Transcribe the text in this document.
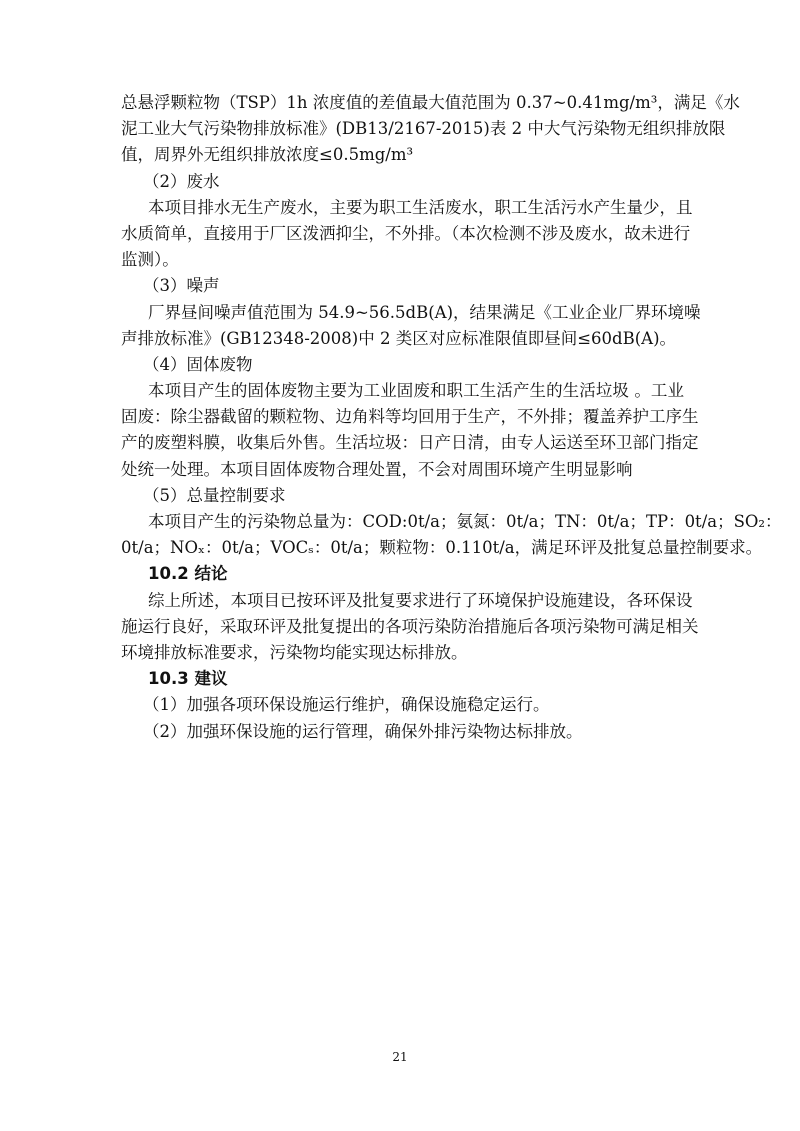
总悬浮颗粒物（TSP）1h 浓度值的差值最大值范围为 0.37~0.41mg/m³，满足《水
泥工业大气污染物排放标准》(DB13/2167-2015)表 2 中大气污染物无组织排放限
值，周界外无组织排放浓度≤0.5mg/m³
（2）废水
本项目排水无生产废水，主要为职工生活废水，职工生活污水产生量少，且
水质简单，直接用于厂区泼洒抑尘，不外排。（本次检测不涉及废水，故未进行
监测）。
（3）噪声
厂界昼间噪声值范围为 54.9~56.5dB(A)，结果满足《工业企业厂界环境噪
声排放标准》(GB12348-2008)中 2 类区对应标准限值即昼间≤60dB(A)。
（4）固体废物
本项目产生的固体废物主要为工业固废和职工生活产生的生活垃圾 。工业
固废：除尘器截留的颗粒物、边角料等均回用于生产，不外排；覆盖养护工序生
产的废塑料膜，收集后外售。生活垃圾：日产日清，由专人运送至环卫部门指定
处统一处理。本项目固体废物合理处置，不会对周围环境产生明显影响
（5）总量控制要求
本项目产生的污染物总量为：COD:0t/a；氨氮：0t/a；TN：0t/a；TP：0t/a；SO₂：
0t/a；NOₓ：0t/a；VOCₛ：0t/a；颗粒物：0.110t/a，满足环评及批复总量控制要求。
10.2 结论
综上所述，本项目已按环评及批复要求进行了环境保护设施建设，各环保设
施运行良好，采取环评及批复提出的各项污染防治措施后各项污染物可满足相关
环境排放标准要求，污染物均能实现达标排放。
10.3 建议
（1）加强各项环保设施运行维护，确保设施稳定运行。
（2）加强环保设施的运行管理，确保外排污染物达标排放。
21
